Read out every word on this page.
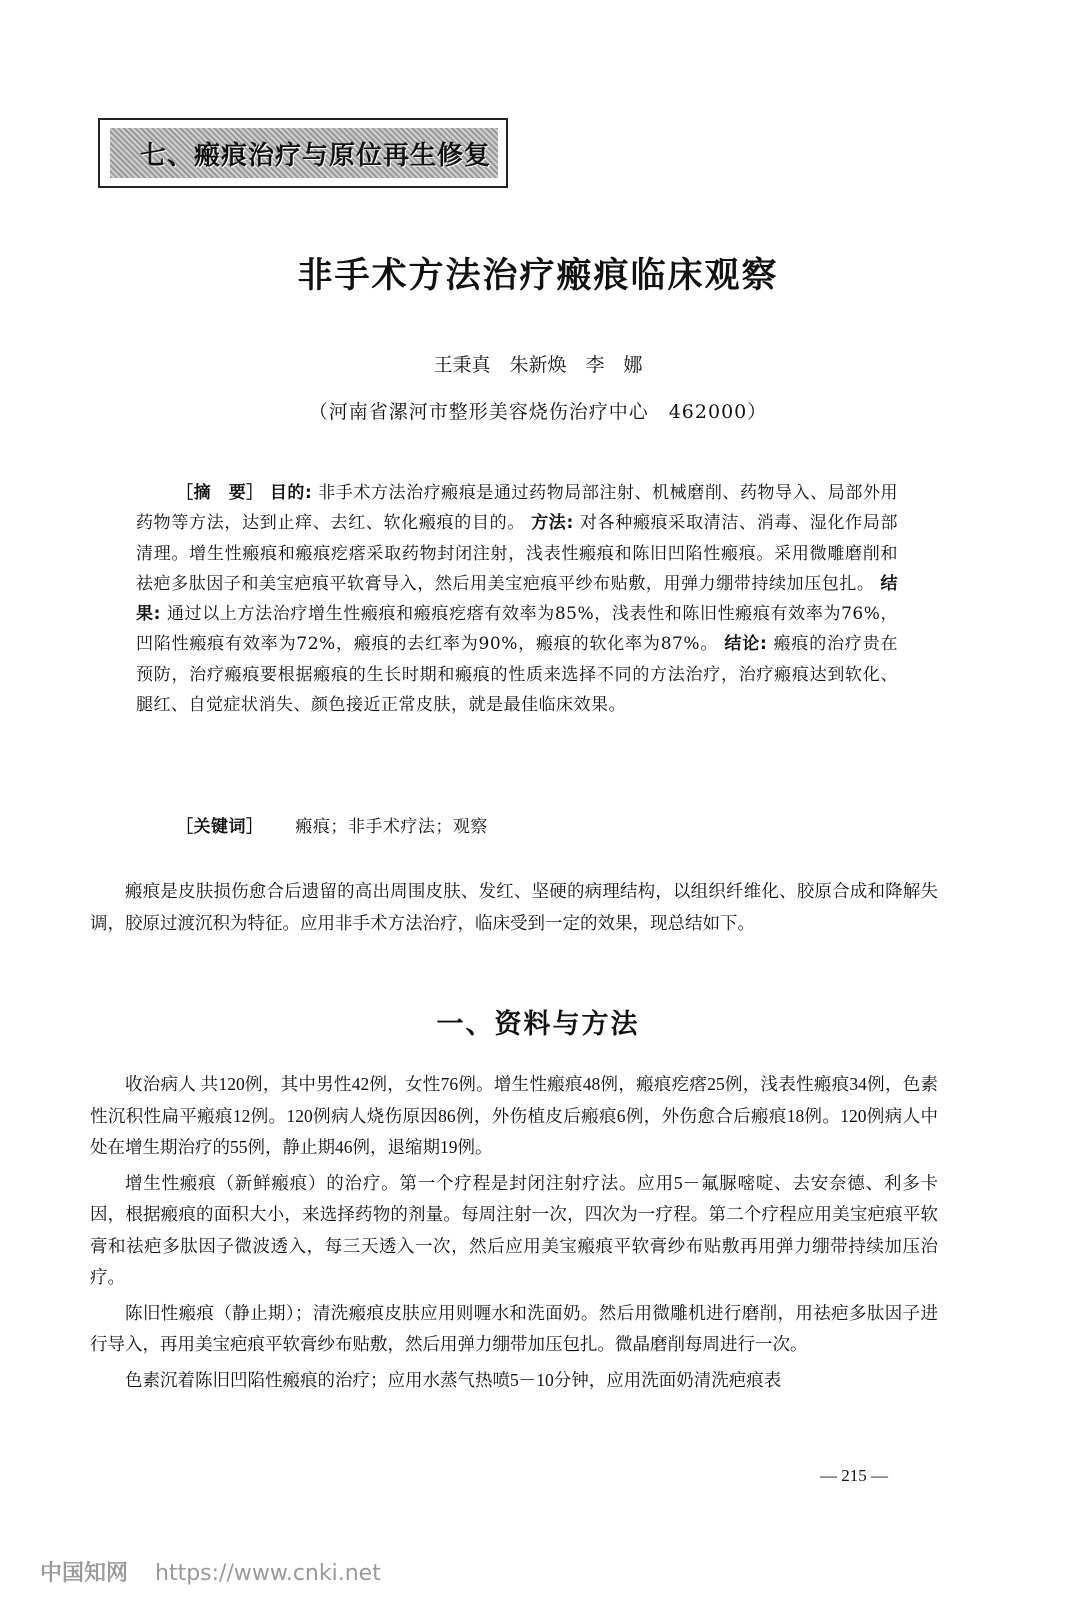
七、瘢痕治疗与原位再生修复
非手术方法治疗瘢痕临床观察
王秉真　朱新焕　李　娜
（河南省漯河市整形美容烧伤治疗中心　462000）
［摘　要］ 目的: 非手术方法治疗瘢痕是通过药物局部注射、机械磨削、药物导入、局部外用药物等方法，达到止痒、去红、软化瘢痕的目的。 方法: 对各种瘢痕采取清洁、消毒、湿化作局部清理。增生性瘢痕和瘢痕疙瘩采取药物封闭注射，浅表性瘢痕和陈旧凹陷性瘢痕。采用微雕磨削和祛疤多肽因子和美宝疤痕平软膏导入，然后用美宝疤痕平纱布贴敷，用弹力绷带持续加压包扎。 结果: 通过以上方法治疗增生性瘢痕和瘢痕疙瘩有效率为85%，浅表性和陈旧性瘢痕有效率为76%，凹陷性瘢痕有效率为72%，瘢痕的去红率为90%，瘢痕的软化率为87%。 结论: 瘢痕的治疗贵在预防，治疗瘢痕要根据瘢痕的生长时期和瘢痕的性质来选择不同的方法治疗，治疗瘢痕达到软化、腿红、自觉症状消失、颜色接近正常皮肤，就是最佳临床效果。
［关键词］ 瘢痕；非手术疗法；观察

瘢痕是皮肤损伤愈合后遗留的高出周围皮肤、发红、坚硬的病理结构，以组织纤维化、胶原合成和降解失调，胶原过渡沉积为特征。应用非手术方法治疗，临床受到一定的效果，现总结如下。

一、资料与方法

收治病人 共120例，其中男性42例，女性76例。增生性瘢痕48例，瘢痕疙瘩25例，浅表性瘢痕34例，色素性沉积性扁平瘢痕12例。120例病人烧伤原因86例，外伤植皮后瘢痕6例，外伤愈合后瘢痕18例。120例病人中处在增生期治疗的55例，静止期46例，退缩期19例。

增生性瘢痕（新鲜瘢痕）的治疗。第一个疗程是封闭注射疗法。应用5－氟脲嘧啶、去安奈德、利多卡因，根据瘢痕的面积大小，来选择药物的剂量。每周注射一次，四次为一疗程。第二个疗程应用美宝疤痕平软膏和祛疤多肽因子微波透入，每三天透入一次，然后应用美宝瘢痕平软膏纱布贴敷再用弹力绷带持续加压治疗。

陈旧性瘢痕（静止期）；清洗瘢痕皮肤应用则喱水和洗面奶。然后用微雕机进行磨削，用祛疤多肽因子进行导入，再用美宝疤痕平软膏纱布贴敷，然后用弹力绷带加压包扎。微晶磨削每周进行一次。

色素沉着陈旧凹陷性瘢痕的治疗；应用水蒸气热喷5－10分钟，应用洗面奶清洗疤痕表

— 215 —
中国知网 https://www.cnki.net
